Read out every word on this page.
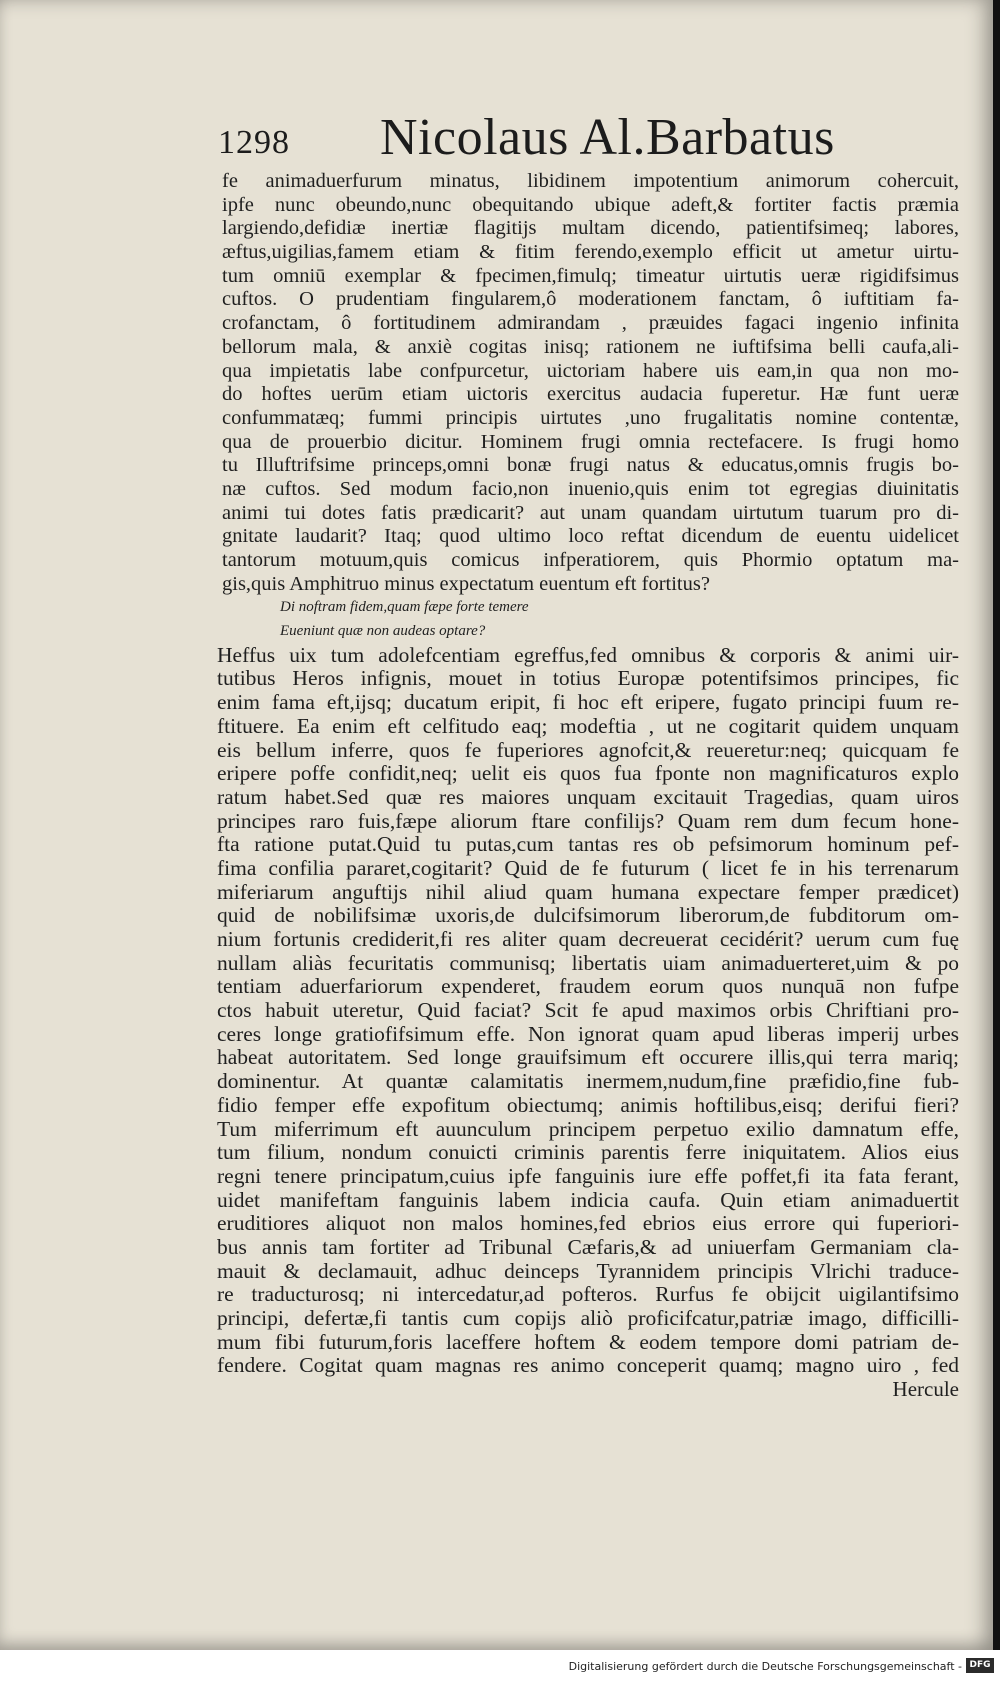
1298 Nicolaus Al.Barbatus
fe animaduerfurum minatus, libidinem impotentium animorum cohercuit,
ipfe nunc obeundo,nunc obequitando ubique adeft,& fortiter factis præmia
largiendo,defidiæ inertiæ flagitijs multam dicendo, patientifsimeq; labores,
æftus,uigilias,famem etiam & fitim ferendo,exemplo efficit ut ametur uirtu-
tum omniū exemplar & fpecimen,fimulq; timeatur uirtutis ueræ rigidifsimus
cuftos. O prudentiam fingularem,ô moderationem fanctam, ô iuftitiam fa-
crofanctam, ô fortitudinem admirandam , præuides fagaci ingenio infinita
bellorum mala, & anxiè cogitas inisq; rationem ne iuftifsima belli caufa,ali-
qua impietatis labe confpurcetur, uictoriam habere uis eam,in qua non mo-
do hoftes uerūm etiam uictoris exercitus audacia fuperetur. Hæ funt ueræ
confummatæq; fummi principis uirtutes ,uno frugalitatis nomine contentæ,
qua de prouerbio dicitur. Hominem frugi omnia rectefacere. Is frugi homo
tu Illuftrifsime princeps,omni bonæ frugi natus & educatus,omnis frugis bo-
næ cuftos. Sed modum facio,non inuenio,quis enim tot egregias diuinitatis
animi tui dotes fatis prædicarit? aut unam quandam uirtutum tuarum pro di-
gnitate laudarit? Itaq; quod ultimo loco reftat dicendum de euentu uidelicet
tantorum motuum,quis comicus infperatiorem, quis Phormio optatum ma-
gis,quis Amphitruo minus expectatum euentum eft fortitus?
Di noftram fidem,quam fæpe forte temere
Eueniunt quæ non audeas optare?
Heffus uix tum adolefcentiam egreffus,fed omnibus & corporis & animi uir-
tutibus Heros infignis, mouet in totius Europæ potentifsimos principes, fic
enim fama eft,ijsq; ducatum eripit, fi hoc eft eripere, fugato principi fuum re-
ftituere. Ea enim eft celfitudo eaq; modeftia , ut ne cogitarit quidem unquam
eis bellum inferre, quos fe fuperiores agnofcit,& reueretur:neq; quicquam fe
eripere poffe confidit,neq; uelit eis quos fua fponte non magnificaturos explo
ratum habet.Sed quæ res maiores unquam excitauit Tragedias, quam uiros
principes raro fuis,fæpe aliorum ftare confilijs? Quam rem dum fecum hone-
fta ratione putat.Quid tu putas,cum tantas res ob pefsimorum hominum pef-
fima confilia pararet,cogitarit? Quid de fe futurum ( licet fe in his terrenarum
miferiarum anguftijs nihil aliud quam humana expectare femper prædicet)
quid de nobilifsimæ uxoris,de dulcifsimorum liberorum,de fubditorum om-
nium fortunis crediderit,fi res aliter quam decreuerat cecidérit? uerum cum fuę
nullam aliàs fecuritatis communisq; libertatis uiam animaduerteret,uim & po
tentiam aduerfariorum expenderet, fraudem eorum quos nunquā non fufpe
ctos habuit uteretur, Quid faciat? Scit fe apud maximos orbis Chriftiani pro-
ceres longe gratiofifsimum effe. Non ignorat quam apud liberas imperij urbes
habeat autoritatem. Sed longe grauifsimum eft occurere illis,qui terra mariq;
dominentur. At quantæ calamitatis inermem,nudum,fine præfidio,fine fub-
fidio femper effe expofitum obiectumq; animis hoftilibus,eisq; derifui fieri?
Tum miferrimum eft auunculum principem perpetuo exilio damnatum effe,
tum filium, nondum conuicti criminis parentis ferre iniquitatem. Alios eius
regni tenere principatum,cuius ipfe fanguinis iure effe poffet,fi ita fata ferant,
uidet manifeftam fanguinis labem indicia caufa. Quin etiam animaduertit
eruditiores aliquot non malos homines,fed ebrios eius errore qui fuperiori-
bus annis tam fortiter ad Tribunal Cæfaris,& ad uniuerfam Germaniam cla-
mauit & declamauit, adhuc deinceps Tyrannidem principis Vlrichi traduce-
re traducturosq; ni intercedatur,ad pofteros. Rurfus fe obijcit uigilantifsimo
principi, defertæ,fi tantis cum copijs aliò proficifcatur,patriæ imago, difficilli-
mum fibi futurum,foris laceffere hoftem & eodem tempore domi patriam de-
fendere. Cogitat quam magnas res animo conceperit quamq; magno uiro , fed
Hercule
Digitalisierung gefördert durch die Deutsche Forschungsgemeinschaft - DFG
